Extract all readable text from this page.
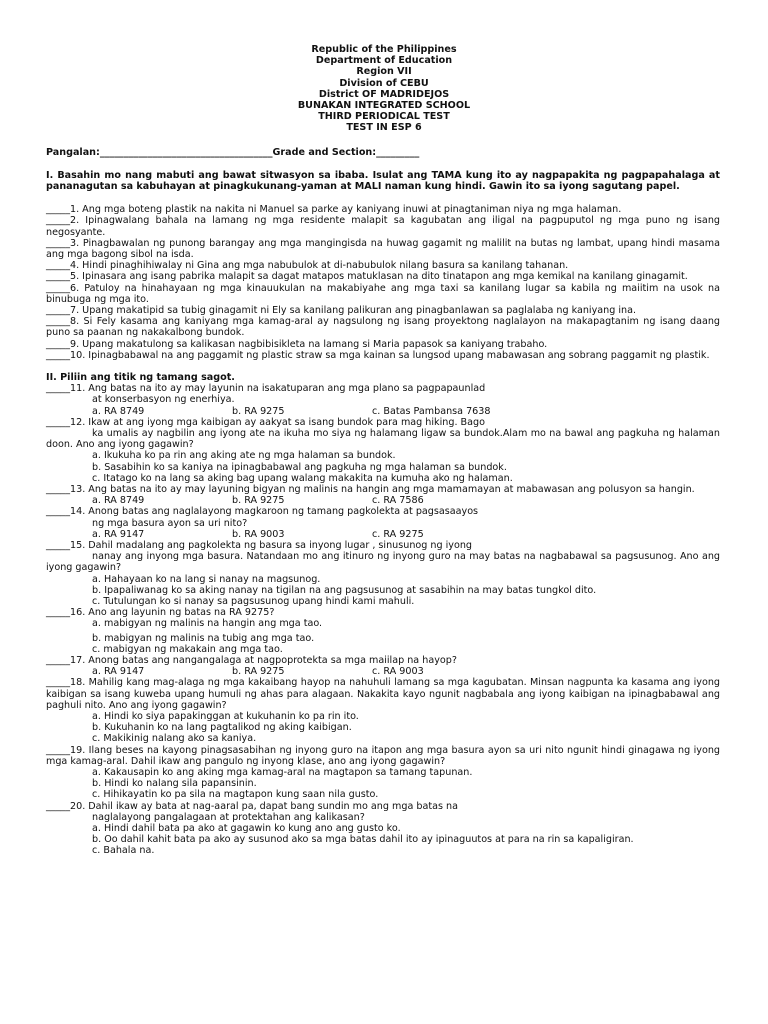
Republic of the Philippines
Department of Education
Region VII
Division of CEBU
District OF MADRIDEJOS
BUNAKAN INTEGRATED SCHOOL
THIRD PERIODICAL TEST
TEST IN ESP 6
Pangalan:____________________________________Grade and Section:_________
I. Basahin mo nang mabuti ang bawat sitwasyon sa ibaba. Isulat ang TAMA kung ito ay nagpapakita ng pagpapahalaga at pananagutan sa kabuhayan at pinagkukunang-yaman at MALI naman kung hindi. Gawin ito sa iyong sagutang papel.
_____1. Ang mga boteng plastik na nakita ni Manuel sa parke ay kaniyang inuwi at pinagtaniman niya ng mga halaman.
_____2. Ipinagwalang bahala na lamang ng mga residente malapit sa kagubatan ang iligal na pagpuputol ng mga puno ng isang negosyante.
_____3. Pinagbawalan ng punong barangay ang mga mangingisda na huwag gagamit ng malilit na butas ng lambat, upang hindi masama ang mga bagong sibol na isda.
_____4. Hindi pinaghihiwalay ni Gina ang mga nabubulok at di-nabubulok nilang basura sa kanilang tahanan.
_____5. Ipinasara ang isang pabrika malapit sa dagat matapos matuklasan na dito tinatapon ang mga kemikal na kanilang ginagamit.
_____6. Patuloy na hinahayaan ng mga kinauukulan na makabiyahe ang mga taxi sa kanilang lugar sa kabila ng maiitim na usok na binubuga ng mga ito.
_____7. Upang makatipid sa tubig ginagamit ni Ely sa kanilang palikuran ang pinagbanlawan sa paglalaba ng kaniyang ina.
_____8. Si Fely kasama ang kaniyang mga kamag-aral ay nagsulong ng isang proyektong naglalayon na makapagtanim ng isang daang puno sa paanan ng nakakalbong bundok.
_____9. Upang makatulong sa kalikasan nagbibisikleta na lamang si Maria papasok sa kaniyang trabaho.
_____10. Ipinagbabawal na ang paggamit ng plastic straw sa mga kainan sa lungsod upang mabawasan ang sobrang paggamit ng plastik.
II. Piliin ang titik ng tamang sagot.
_____11. Ang batas na ito ay may layunin na isakatuparan ang mga plano sa pagpapaunlad
at konserbasyon ng enerhiya.
a. RA 8749	b. RA 9275	c. Batas Pambansa 7638
_____12. Ikaw at ang iyong mga kaibigan ay aakyat sa isang bundok para mag hiking. Bago
ka umalis ay nagbilin ang iyong ate na ikuha mo siya ng halamang ligaw sa bundok.Alam mo na bawal ang pagkuha ng halaman doon. Ano ang iyong gagawin?
a. Ikukuha ko pa rin ang aking ate ng mga halaman sa bundok.
b. Sasabihin ko sa kaniya na ipinagbabawal ang pagkuha ng mga halaman sa bundok.
c. Itatago ko na lang sa aking bag upang walang makakita na kumuha ako ng halaman.
_____13. Ang batas na ito ay may layuning bigyan ng malinis na hangin ang mga mamamayan at mabawasan ang polusyon sa hangin.
a. RA 8749	b. RA 9275	c. RA 7586
_____14. Anong batas ang naglalayong magkaroon ng tamang pagkolekta at pagsasaayos
ng mga basura ayon sa uri nito?
a. RA 9147	b. RA 9003	c. RA 9275
_____15. Dahil madalang ang pagkolekta ng basura sa inyong lugar , sinusunog ng iyong
nanay ang inyong mga basura. Natandaan mo ang itinuro ng inyong guro na may batas na nagbabawal sa pagsusunog. Ano ang iyong gagawin?
a. Hahayaan ko na lang si nanay na magsunog.
b. Ipapaliwanag ko sa aking nanay na tigilan na ang pagsusunog at sasabihin na may batas tungkol dito.
c. Tutulungan ko si nanay sa pagsusunog upang hindi kami mahuli.
_____16. Ano ang layunin ng batas na RA 9275?
a. mabigyan ng malinis na hangin ang mga tao.
b. mabigyan ng malinis na tubig ang mga tao.
c. mabigyan ng makakain ang mga tao.
_____17. Anong batas ang nangangalaga at nagpoprotekta sa mga maiilap na hayop?
a. RA 9147	b. RA 9275	c. RA 9003
_____18. Mahilig kang mag-alaga ng mga kakaibang hayop na nahuhuli lamang sa mga kagubatan. Minsan nagpunta ka kasama ang iyong kaibigan sa isang kuweba upang humuli ng ahas para alagaan. Nakakita kayo ngunit nagbabala ang iyong kaibigan na ipinagbabawal ang paghuli nito. Ano ang iyong gagawin?
a. Hindi ko siya papakinggan at kukuhanin ko pa rin ito.
b. Kukuhanin ko na lang pagtalikod ng aking kaibigan.
c. Makikinig nalang ako sa kaniya.
_____19. Ilang beses na kayong pinagsasabihan ng inyong guro na itapon ang mga basura ayon sa uri nito ngunit hindi ginagawa ng iyong mga kamag-aral. Dahil ikaw ang pangulo ng inyong klase, ano ang iyong gagawin?
a. Kakausapin ko ang aking mga kamag-aral na magtapon sa tamang tapunan.
b. Hindi ko nalang sila papansinin.
c. Hihikayatin ko pa sila na magtapon kung saan nila gusto.
_____20. Dahil ikaw ay bata at nag-aaral pa, dapat bang sundin mo ang mga batas na
naglalayong pangalagaan at protektahan ang kalikasan?
a. Hindi dahil bata pa ako at gagawin ko kung ano ang gusto ko.
b. Oo dahil kahit bata pa ako ay susunod ako sa mga batas dahil ito ay ipinaguutos at para na rin sa kapaligiran.
c. Bahala na.
